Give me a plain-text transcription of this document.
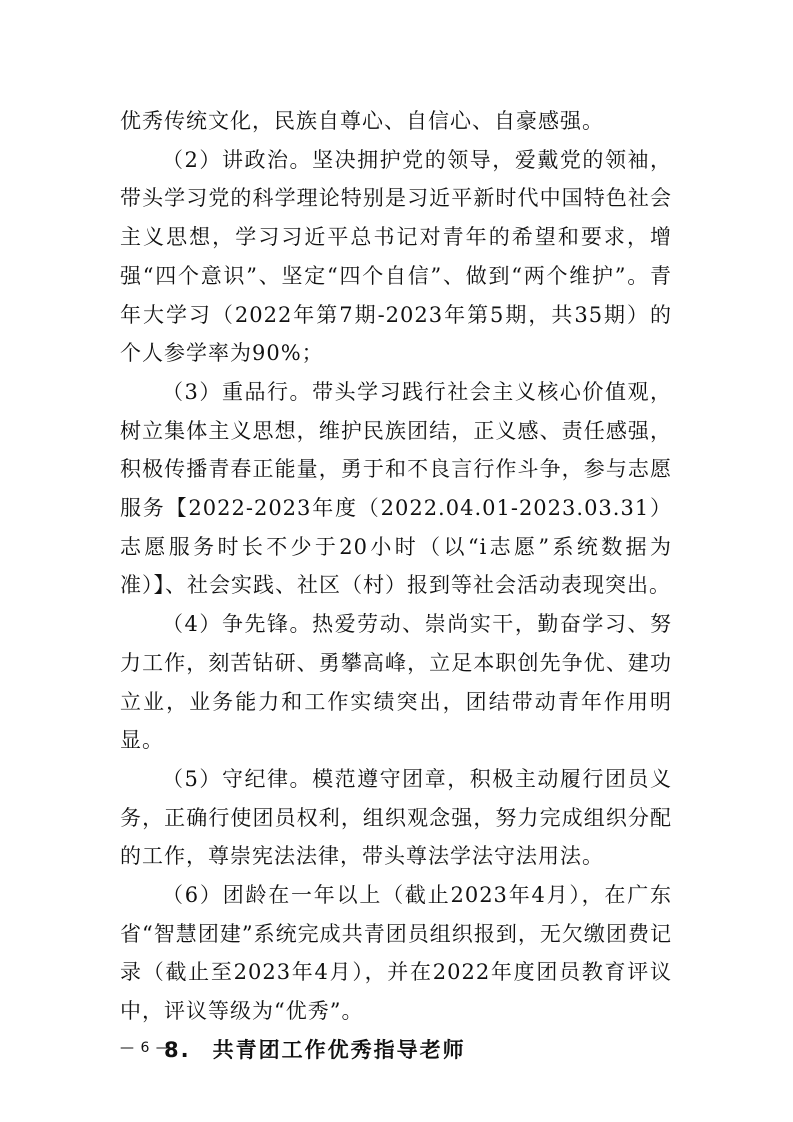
优秀传统文化，民族自尊心、自信心、自豪感强。

（2）讲政治。坚决拥护党的领导，爱戴党的领袖，带头学习党的科学理论特别是习近平新时代中国特色社会主义思想，学习习近平总书记对青年的希望和要求，增强“四个意识”、坚定“四个自信”、做到“两个维护”。青年大学习（2022年第7期-2023年第5期，共35期）的个人参学率为90%；

（3）重品行。带头学习践行社会主义核心价值观，树立集体主义思想，维护民族团结，正义感、责任感强，积极传播青春正能量，勇于和不良言行作斗争，参与志愿服务【2022-2023年度（2022.04.01-2023.03.31）志愿服务时长不少于20小时（以“i志愿”系统数据为准）】、社会实践、社区（村）报到等社会活动表现突出。

（4）争先锋。热爱劳动、崇尚实干，勤奋学习、努力工作，刻苦钻研、勇攀高峰，立足本职创先争优、建功立业，业务能力和工作实绩突出，团结带动青年作用明显。

（5）守纪律。模范遵守团章，积极主动履行团员义务，正确行使团员权利，组织观念强，努力完成组织分配的工作，尊崇宪法法律，带头尊法学法守法用法。

（6）团龄在一年以上（截止2023年4月），在广东省“智慧团建”系统完成共青团员组织报到，无欠缴团费记录（截止至2023年4月），并在2022年度团员教育评议中，评议等级为“优秀”。

8. 共青团工作优秀指导老师

— 6 —
